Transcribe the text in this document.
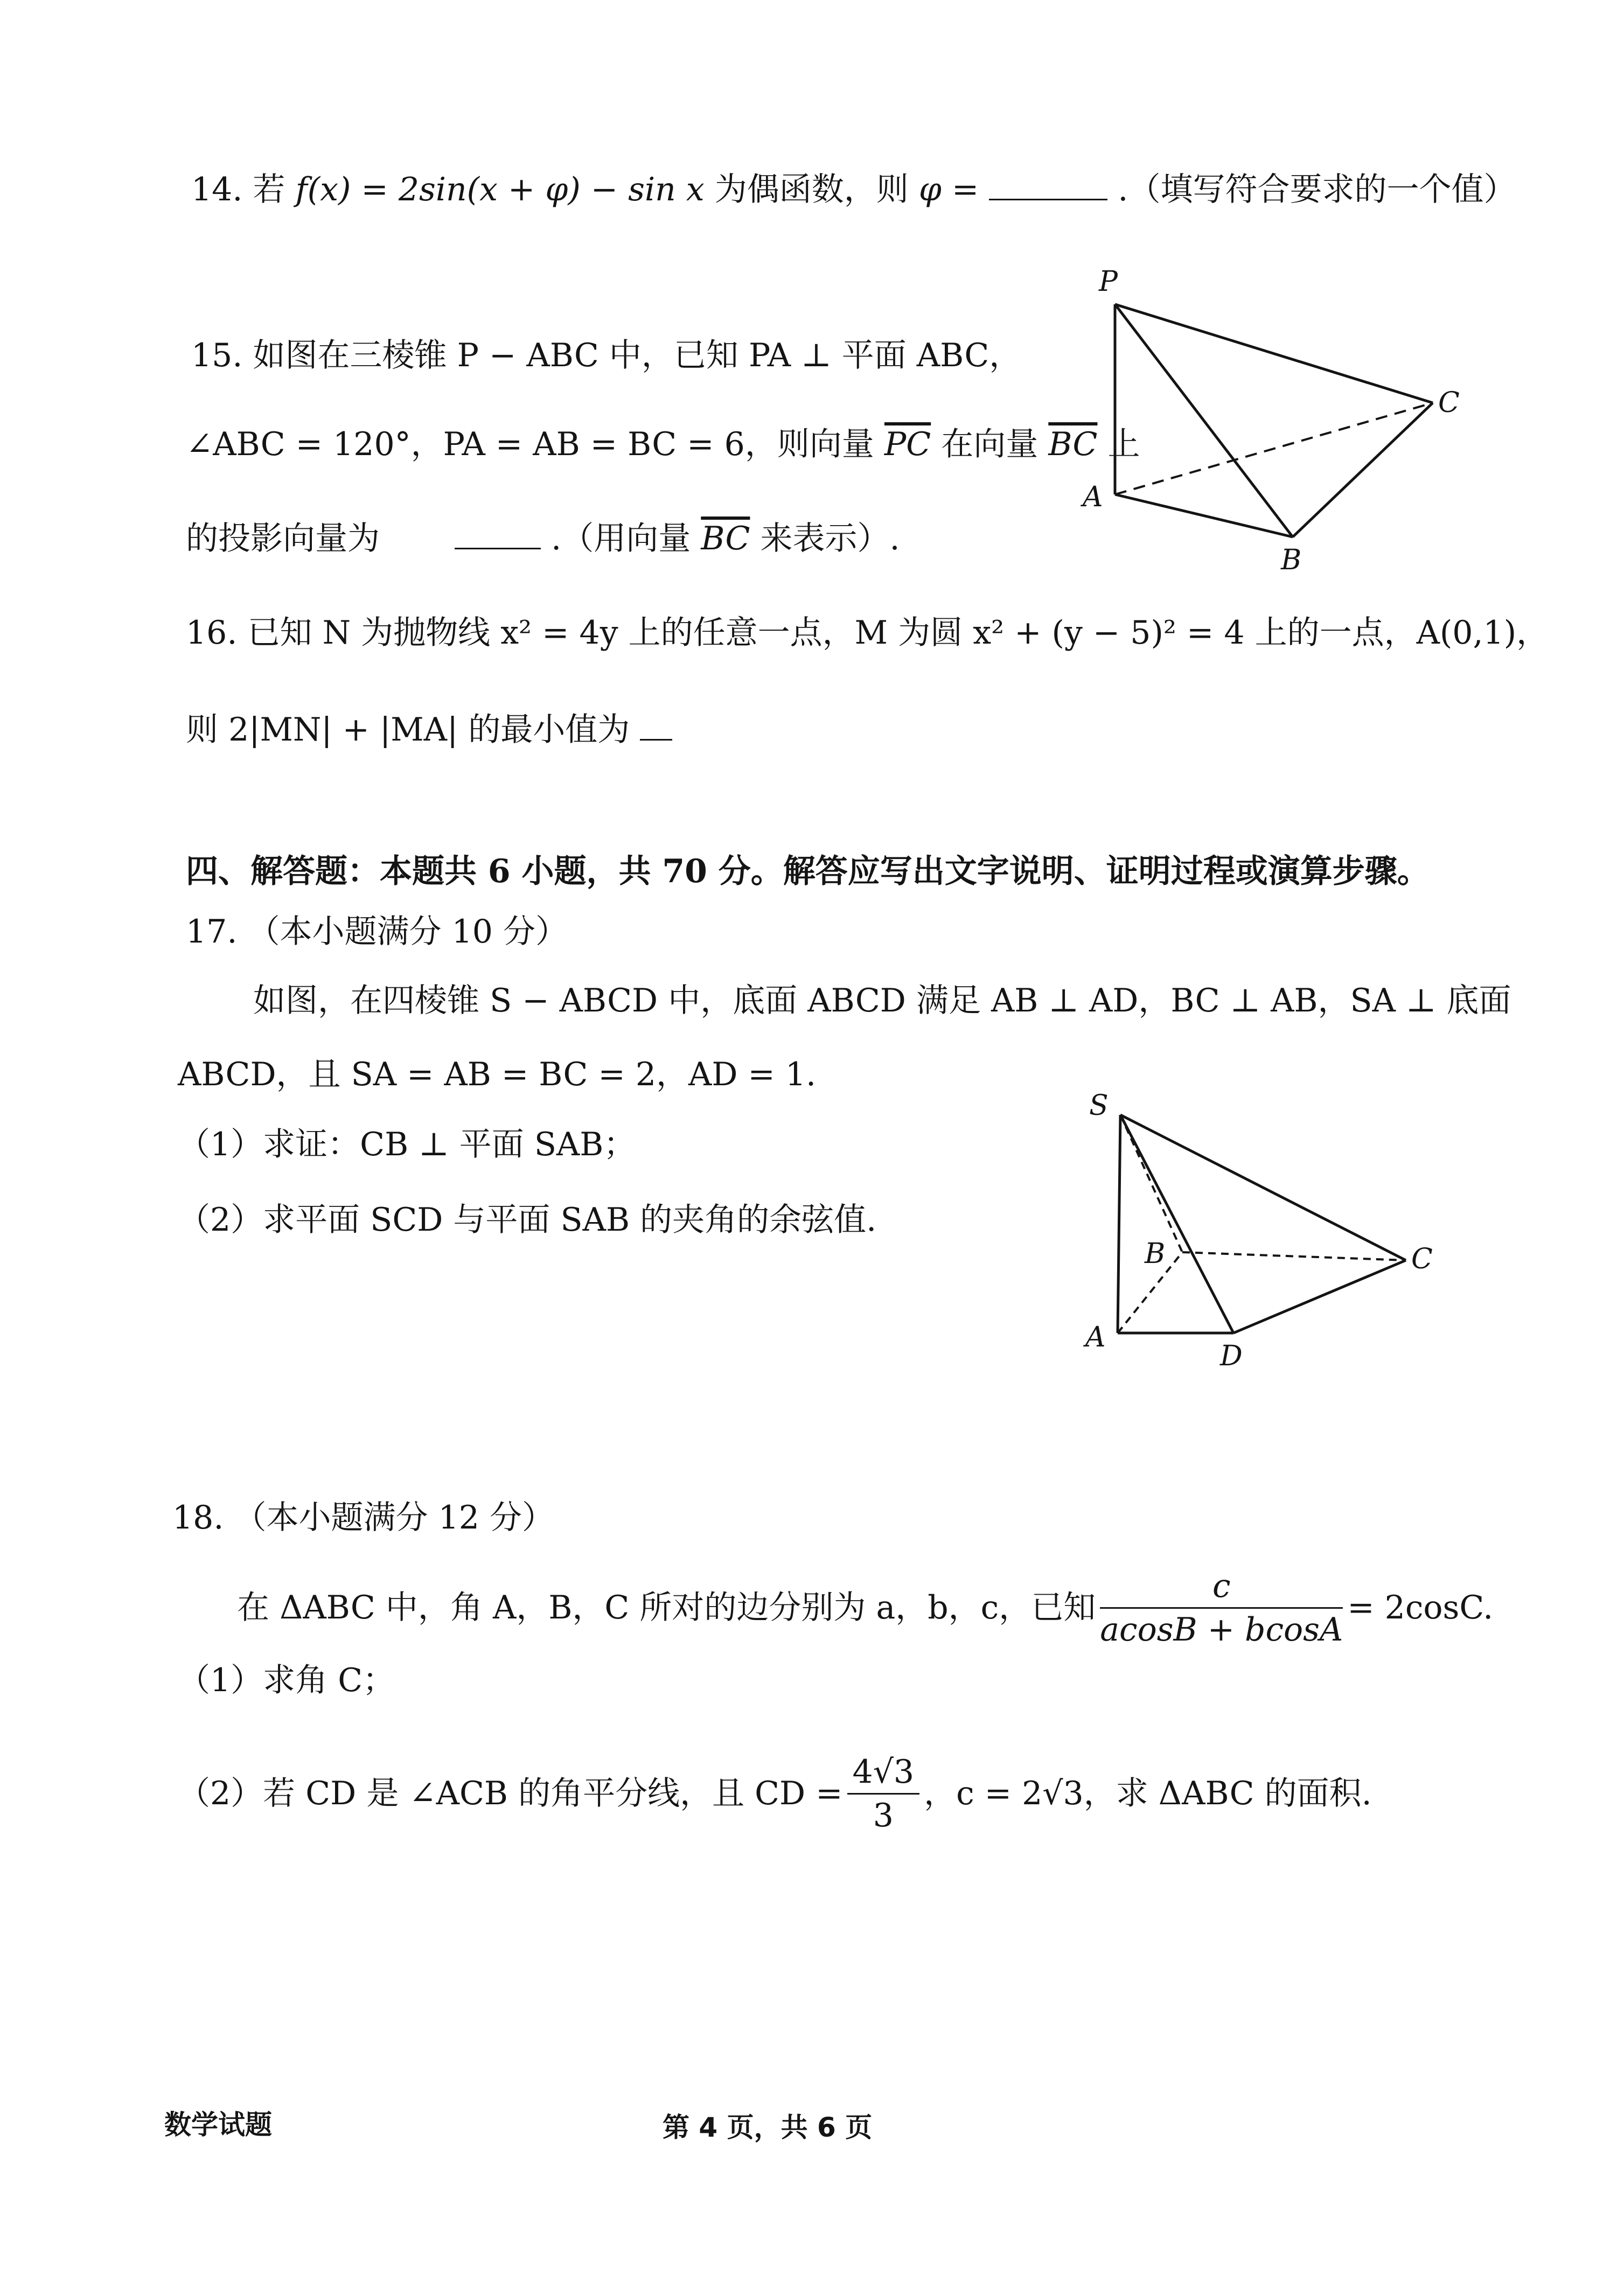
14. 若 f(x) = 2sin(x + φ) − sin x 为偶函数，则 φ =	.（填写符合要求的一个值）
15. 如图在三棱锥 P − ABC 中，已知 PA ⊥ 平面 ABC，
∠ABC = 120°，PA = AB = BC = 6，则向量 $\overline{PC}$ 在向量 $\overline{BC}$ 上
的投影向量为	.（用向量 $\overline{BC}$ 来表示）.
P
A
B
C
16. 已知 N 为抛物线 x² = 4y 上的任意一点，M 为圆 x² + (y − 5)² = 4 上的一点，A(0,1)，
则 2|MN| + |MA| 的最小值为
四、解答题：本题共 6 小题，共 70 分。解答应写出文字说明、证明过程或演算步骤。
17. （本小题满分 10 分）
如图，在四棱锥 S − ABCD 中，底面 ABCD 满足 AB ⊥ AD，BC ⊥ AB，SA ⊥ 底面
ABCD，且 SA = AB = BC = 2，AD = 1.
（1）求证：CB ⊥ 平面 SAB；
（2）求平面 SCD 与平面 SAB 的夹角的余弦值.
S
B	C
A
D
18. （本小题满分 12 分）
在 ΔABC 中，角 A，B，C 所对的边分别为 a，b，c，已知 $\frac{c}{acosB + bcosA} = 2\cos C$.
（1）求角 C；
（2）若 CD 是 ∠ACB 的角平分线，且 CD = $\frac{4√3}{3}$ ，c = 2√3，求 ΔABC 的面积.
数学试题	第 4 页，共 6 页
